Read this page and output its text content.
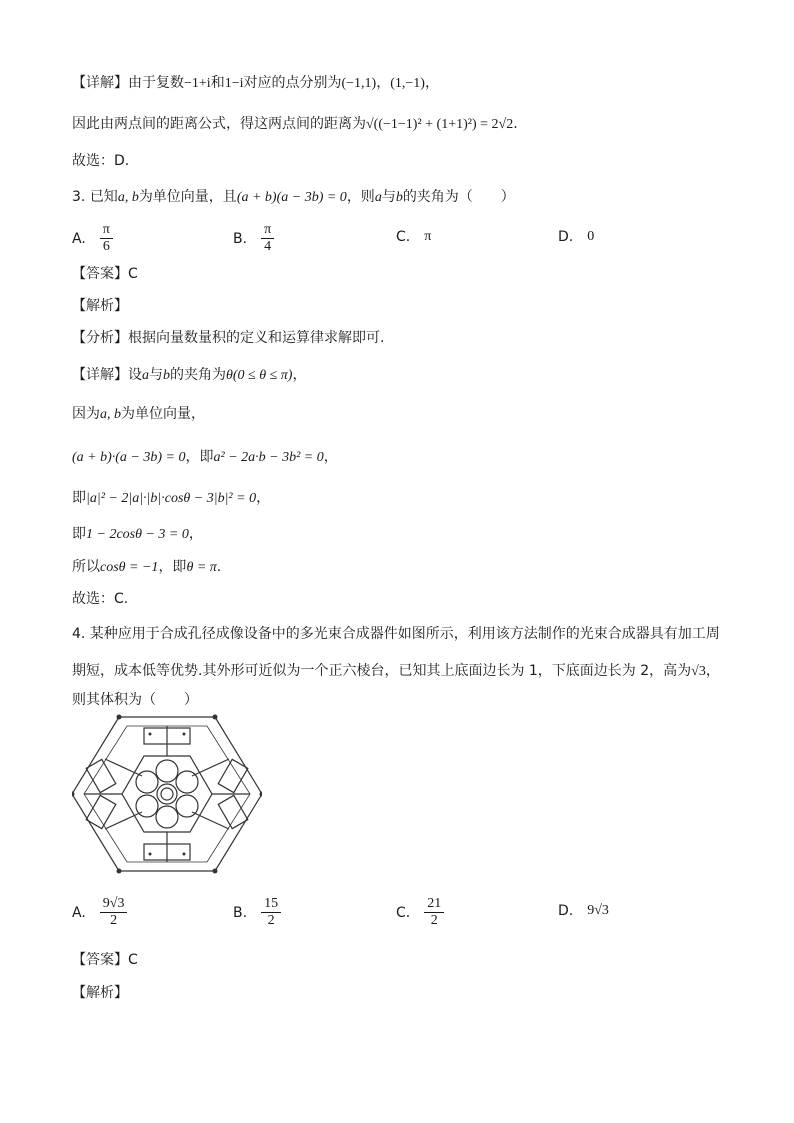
【详解】由于复数−1+i和1−i对应的点分别为(−1,1)，(1,−1)，
因此由两点间的距离公式，得这两点间的距离为√((−1−1)² + (1+1)²) = 2√2.
故选：D.
3. 已知a, b为单位向量，且(a + b)(a − 3b) = 0，则a与b的夹角为（　　）
A. $\frac{\pi}{6}$	B. $\frac{\pi}{4}$	C. π	D. 0
【答案】C
【解析】
【分析】根据向量数量积的定义和运算律求解即可.
【详解】设a与b的夹角为θ(0 ≤ θ ≤ π)，
因为a, b为单位向量，
(a + b)·(a − 3b) = 0，即a² − 2a·b − 3b² = 0，
即|a|² − 2|a|·|b|·cosθ − 3|b|² = 0，
即1 − 2cosθ − 3 = 0，
所以cosθ = −1，即θ = π.
故选：C.
4. 某种应用于合成孔径成像设备中的多光束合成器件如图所示，利用该方法制作的光束合成器具有加工周
期短，成本低等优势.其外形可近似为一个正六棱台，已知其上底面边长为 1，下底面边长为 2，高为√3，
则其体积为（　　）
A. $\frac{9√3}{2}$	B. $\frac{15}{2}$	C. $\frac{21}{2}$	D. 9√3
【答案】C
【解析】
